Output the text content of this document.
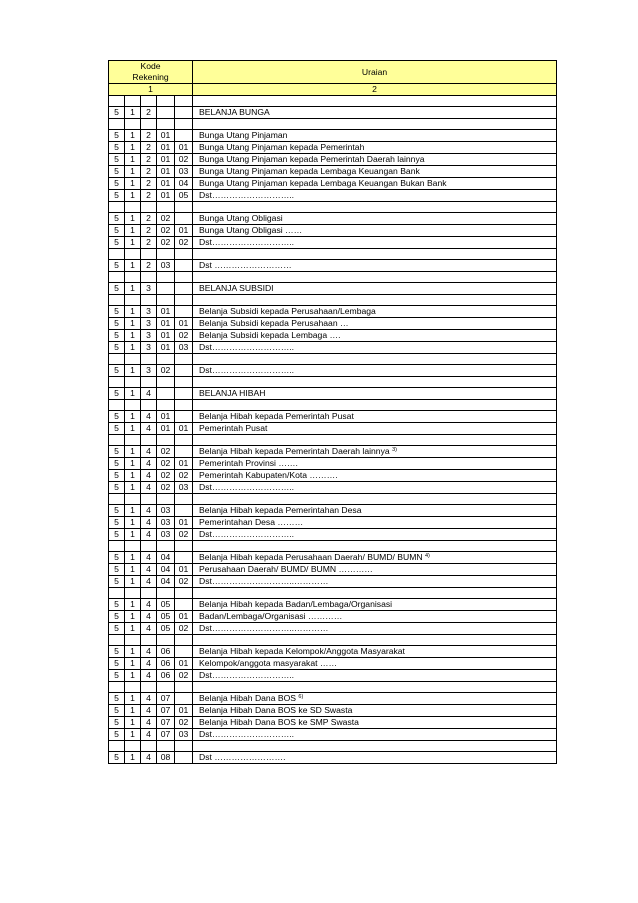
Kode
Rekening					Uraian

1					2

5	1	2			BELANJA BUNGA

5	1	2	01		Bunga Utang Pinjaman
5	1	2	01	01	Bunga Utang Pinjaman kepada Pemerintah
5	1	2	01	02	Bunga Utang Pinjaman kepada Pemerintah Daerah lainnya
5	1	2	01	03	Bunga Utang Pinjaman kepada Lembaga Keuangan Bank
5	1	2	01	04	Bunga Utang Pinjaman kepada Lembaga Keuangan Bukan Bank
5	1	2	01	05	Dst………………………..

5	1	2	02		Bunga Utang Obligasi
5	1	2	02	01	Bunga Utang Obligasi ……
5	1	2	02	02	Dst………………………..

5	1	2	03		Dst ………………………

5	1	3			BELANJA SUBSIDI

5	1	3	01		Belanja Subsidi kepada Perusahaan/Lembaga
5	1	3	01	01	Belanja Subsidi kepada Perusahaan …
5	1	3	01	02	Belanja Subsidi kepada Lembaga ….
5	1	3	01	03	Dst………………………..

5	1	3	02		Dst………………………..

5	1	4			BELANJA HIBAH

5	1	4	01		Belanja Hibah kepada Pemerintah Pusat
5	1	4	01	01	Pemerintah Pusat

5	1	4	02		Belanja Hibah kepada Pemerintah Daerah lainnya $^{3)}$
5	1	4	02	01	Pemerintah Provinsi …….
5	1	4	02	02	Pemerintah Kabupaten/Kota ……….
5	1	4	02	03	Dst………………………..

5	1	4	03		Belanja Hibah kepada Pemerintahan Desa
5	1	4	03	01	Pemerintahan Desa ………
5	1	4	03	02	Dst………………………..

5	1	4	04		Belanja Hibah kepada Perusahaan Daerah/ BUMD/ BUMN $^{4)}$
5	1	4	04	01	Perusahaan Daerah/ BUMD/ BUMN …………
5	1	4	04	02	Dst………………………..…………

5	1	4	05		Belanja Hibah kepada Badan/Lembaga/Organisasi
5	1	4	05	01	Badan/Lembaga/Organisasi …………
5	1	4	05	02	Dst………………………..…………

5	1	4	06		Belanja Hibah kepada Kelompok/Anggota Masyarakat
5	1	4	06	01	Kelompok/anggota masyarakat ……
5	1	4	06	02	Dst………………………..

5	1	4	07		Belanja Hibah Dana BOS $^{6)}$
5	1	4	07	01	Belanja Hibah Dana BOS ke SD Swasta
5	1	4	07	02	Belanja Hibah Dana BOS ke SMP Swasta
5	1	4	07	03	Dst………………………..

5	1	4	08		Dst …………………….
